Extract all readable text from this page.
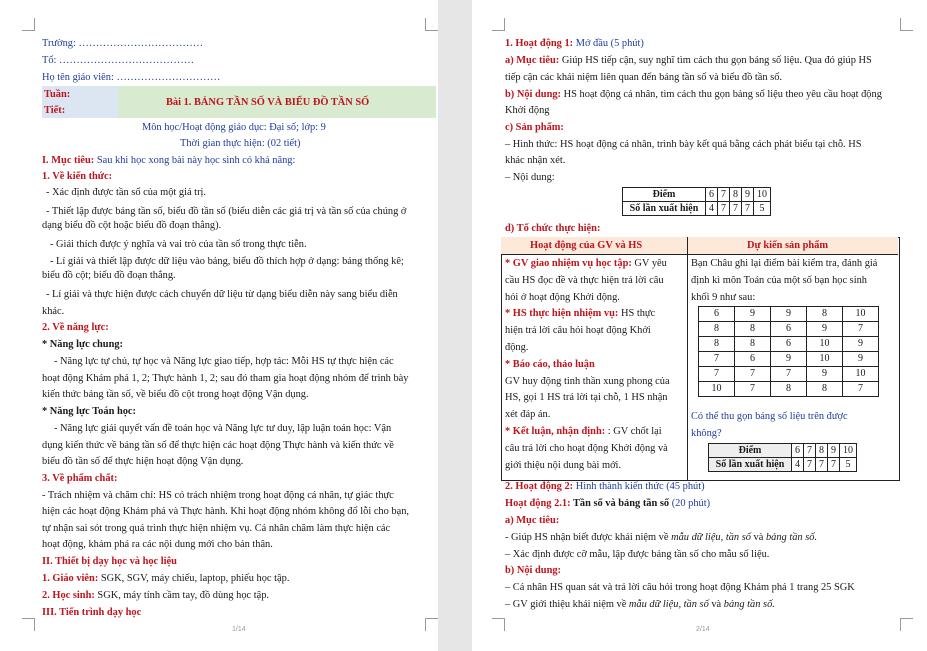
Trường: ………………………………
Tổ: …………………………………
Họ tên giáo viên: …………………………
Tuần:
Tiết:
Bài 1. BẢNG TẦN SỐ VÀ BIỂU ĐỒ TẦN SỐ
Môn học/Hoạt động giáo dục: Đại số; lớp: 9
Thời gian thực hiện: (02 tiết)
I. Mục tiêu: Sau khi học xong bài này học sinh có khả năng:
1. Về kiến thức:
- Xác định được tần số của một giá trị.
- Thiết lập được bảng tần số, biểu đồ tần số (biểu diễn các giá trị và tần số của chúng ở
dạng biểu đồ cột hoặc biểu đồ đoạn thẳng).
- Giải thích được ý nghĩa và vai trò của tần số trong thực tiễn.
- Lí giải và thiết lập được dữ liệu vào bảng, biểu đồ thích hợp ở dạng: bảng thống kê;
biểu đồ cột; biểu đồ đoạn thẳng.
- Lí giải và thực hiện được cách chuyển dữ liệu từ dạng biểu diễn này sang biểu diễn
khác.
2. Về năng lực:
* Năng lực chung:
- Năng lực tự chủ, tự học và Năng lực giao tiếp, hợp tác: Mỗi HS tự thực hiện các
hoạt động Khám phá 1, 2; Thực hành 1, 2; sau đó tham gia hoạt động nhóm để trình bày
kiến thức bảng tần số, về biểu đồ cột trong hoạt động Vận dụng.
* Năng lực Toán học:
- Năng lực giải quyết vấn đề toán học và Năng lực tư duy, lập luận toán học: Vận
dụng kiến thức về bảng tần số để thực hiện các hoạt động Thực hành và kiến thức về
biểu đồ tần số để thực hiện hoạt động Vận dụng.
3. Về phẩm chất:
- Trách nhiệm và chăm chỉ: HS có trách nhiệm trong hoạt động cá nhân, tự giác thực
hiện các hoạt động Khám phá và Thực hành. Khi hoạt động nhóm không đổ lỗi cho bạn,
tự nhận sai sót trong quá trình thực hiện nhiệm vụ. Cá nhân chăm làm thực hiện các
hoạt động, khám phá ra các nội dung mới cho bản thân.
II. Thiết bị dạy học và học liệu
1. Giáo viên: SGK, SGV, máy chiếu, laptop, phiếu học tập.
2. Học sinh: SGK, máy tính cầm tay, đồ dùng học tập.
III. Tiến trình dạy học
1/14
1. Hoạt động 1: Mở đầu (5 phút)
a) Mục tiêu: Giúp HS tiếp cận, suy nghĩ tìm cách thu gọn bảng số liệu. Qua đó giúp HS
tiếp cận các khái niệm liên quan đến bảng tần số và biểu đồ tần số.
b) Nội dung: HS hoạt động cá nhân, tìm cách thu gọn bảng số liệu theo yêu cầu hoạt động
Khởi động
c) Sản phẩm:
– Hình thức: HS hoạt động cá nhân, trình bày kết quả bằng cách phát biểu tại chỗ. HS
khác nhận xét.
– Nội dung:
Điểm	6	7	8	9	10
Số lần xuất hiện	4	7	7	7	5
d) Tổ chức thực hiện:
Hoạt động của GV và HS	Dự kiến sản phẩm
* GV giao nhiệm vụ học tập: GV yêu
cầu HS đọc đề và thực hiện trả lời câu
hỏi ở hoạt động Khởi động.
* HS thực hiện nhiệm vụ: HS thực
hiện trả lời câu hỏi hoạt động Khởi
động.
* Báo cáo, thảo luận
GV huy động tinh thần xung phong của
HS, gọi 1 HS trả lời tại chỗ, 1 HS nhận
xét đáp án.
* Kết luận, nhận định: : GV chốt lại
câu trả lời cho hoạt động Khởi động và
giới thiệu nội dung bài mới.
Bạn Châu ghi lại điểm bài kiểm tra, đánh giá
định kì môn Toán của một số bạn học sinh
khối 9 như sau:
6	9	9	8	10
8	8	6	9	7
8	8	6	10	9
7	6	9	10	9
7	7	7	9	10
10	7	8	8	7
Có thể thu gọn bảng số liệu trên được
không?
Điểm	6	7	8	9	10
Số lần xuất hiện	4	7	7	7	5
2. Hoạt động 2: Hình thành kiến thức (45 phút)
Hoạt động 2.1: Tần số và bảng tần số (20 phút)
a) Mục tiêu:
- Giúp HS nhận biết được khái niệm về mẫu dữ liệu, tần số và bảng tần số.
– Xác định được cỡ mẫu, lập được bảng tần số cho mẫu số liệu.
b) Nội dung:
– Cá nhân HS quan sát và trả lời câu hỏi trong hoạt động Khám phá 1 trang 25 SGK
– GV giới thiệu khái niệm về mẫu dữ liệu, tần số và bảng tần số.
2/14
